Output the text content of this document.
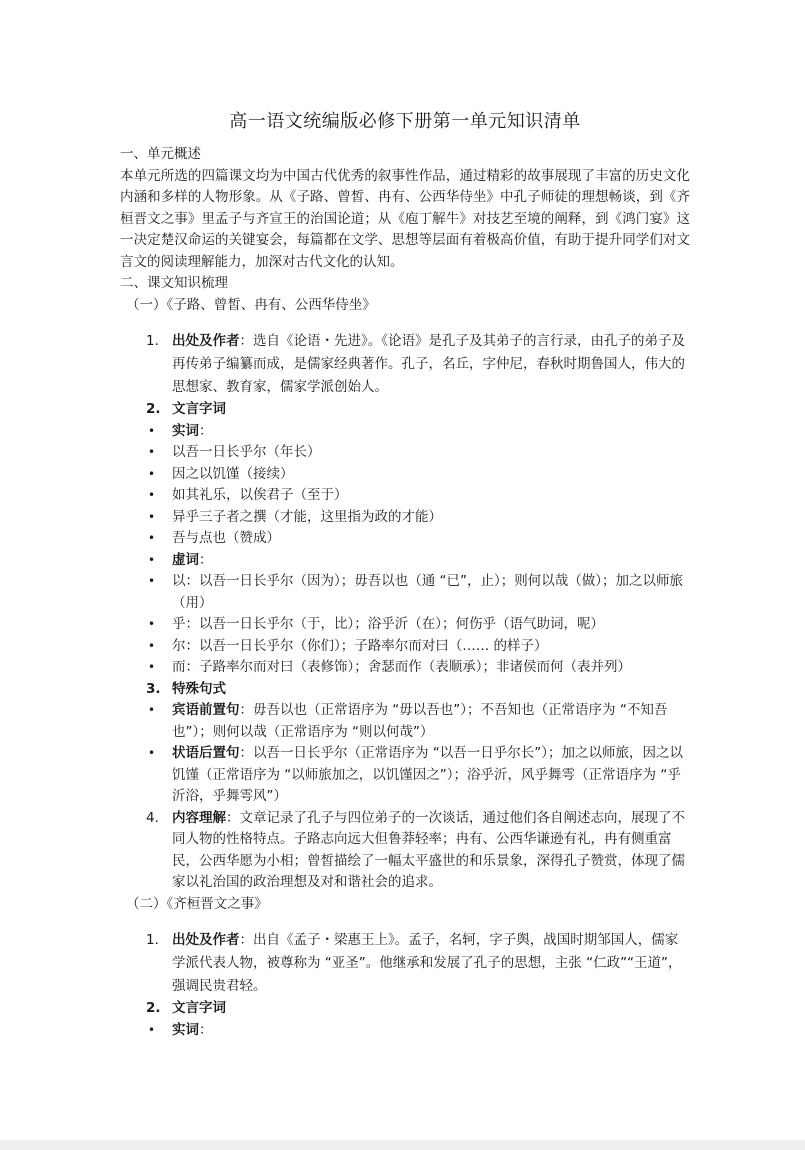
高一语文统编版必修下册第一单元知识清单

一、单元概述

本单元所选的四篇课文均为中国古代优秀的叙事性作品，通过精彩的故事展现了丰富的历史文化内涵和多样的人物形象。从《子路、曾皙、冉有、公西华侍坐》中孔子师徒的理想畅谈，到《齐桓晋文之事》里孟子与齐宣王的治国论道；从《庖丁解牛》对技艺至境的阐释，到《鸿门宴》这一决定楚汉命运的关键宴会，每篇都在文学、思想等层面有着极高价值，有助于提升同学们对文言文的阅读理解能力，加深对古代文化的认知。

二、课文知识梳理

（一）《子路、曾皙、冉有、公西华侍坐》

1. 出处及作者：选自《论语・先进》。《论语》是孔子及其弟子的言行录，由孔子的弟子及再传弟子编纂而成，是儒家经典著作。孔子，名丘，字仲尼，春秋时期鲁国人，伟大的思想家、教育家，儒家学派创始人。
2. 文言字词
•	实词：
•	以吾一日长乎尔（年长）
•	因之以饥馑（接续）
•	如其礼乐，以俟君子（至于）
•	异乎三子者之撰（才能，这里指为政的才能）
•	吾与点也（赞成）
•	虚词：
•	以：以吾一日长乎尔（因为）；毋吾以也（通 “已”，止）；则何以哉（做）；加之以师旅（用）
•	乎：以吾一日长乎尔（于，比）；浴乎沂（在）；何伤乎（语气助词，呢）
•	尔：以吾一日长乎尔（你们）；子路率尔而对曰（…… 的样子）
•	而：子路率尔而对曰（表修饰）；舍瑟而作（表顺承）；非诸侯而何（表并列）
3. 特殊句式
•	宾语前置句：毋吾以也（正常语序为 “毋以吾也”）；不吾知也（正常语序为 “不知吾也”）；则何以哉（正常语序为 “则以何哉”）
•	状语后置句：以吾一日长乎尔（正常语序为 “以吾一日乎尔长”）；加之以师旅，因之以饥馑（正常语序为 “以师旅加之，以饥馑因之”）；浴乎沂，风乎舞雩（正常语序为 “乎沂浴，乎舞雩风”）
4. 内容理解：文章记录了孔子与四位弟子的一次谈话，通过他们各自阐述志向，展现了不同人物的性格特点。子路志向远大但鲁莽轻率；冉有、公西华谦逊有礼，冉有侧重富民，公西华愿为小相；曾皙描绘了一幅太平盛世的和乐景象，深得孔子赞赏，体现了儒家以礼治国的政治理想及对和谐社会的追求。

（二）《齐桓晋文之事》

1. 出处及作者：出自《孟子・梁惠王上》。孟子，名轲，字子舆，战国时期邹国人，儒家学派代表人物，被尊称为 “亚圣”。他继承和发展了孔子的思想，主张 “仁政”“王道”，强调民贵君轻。
2. 文言字词
•	实词：
